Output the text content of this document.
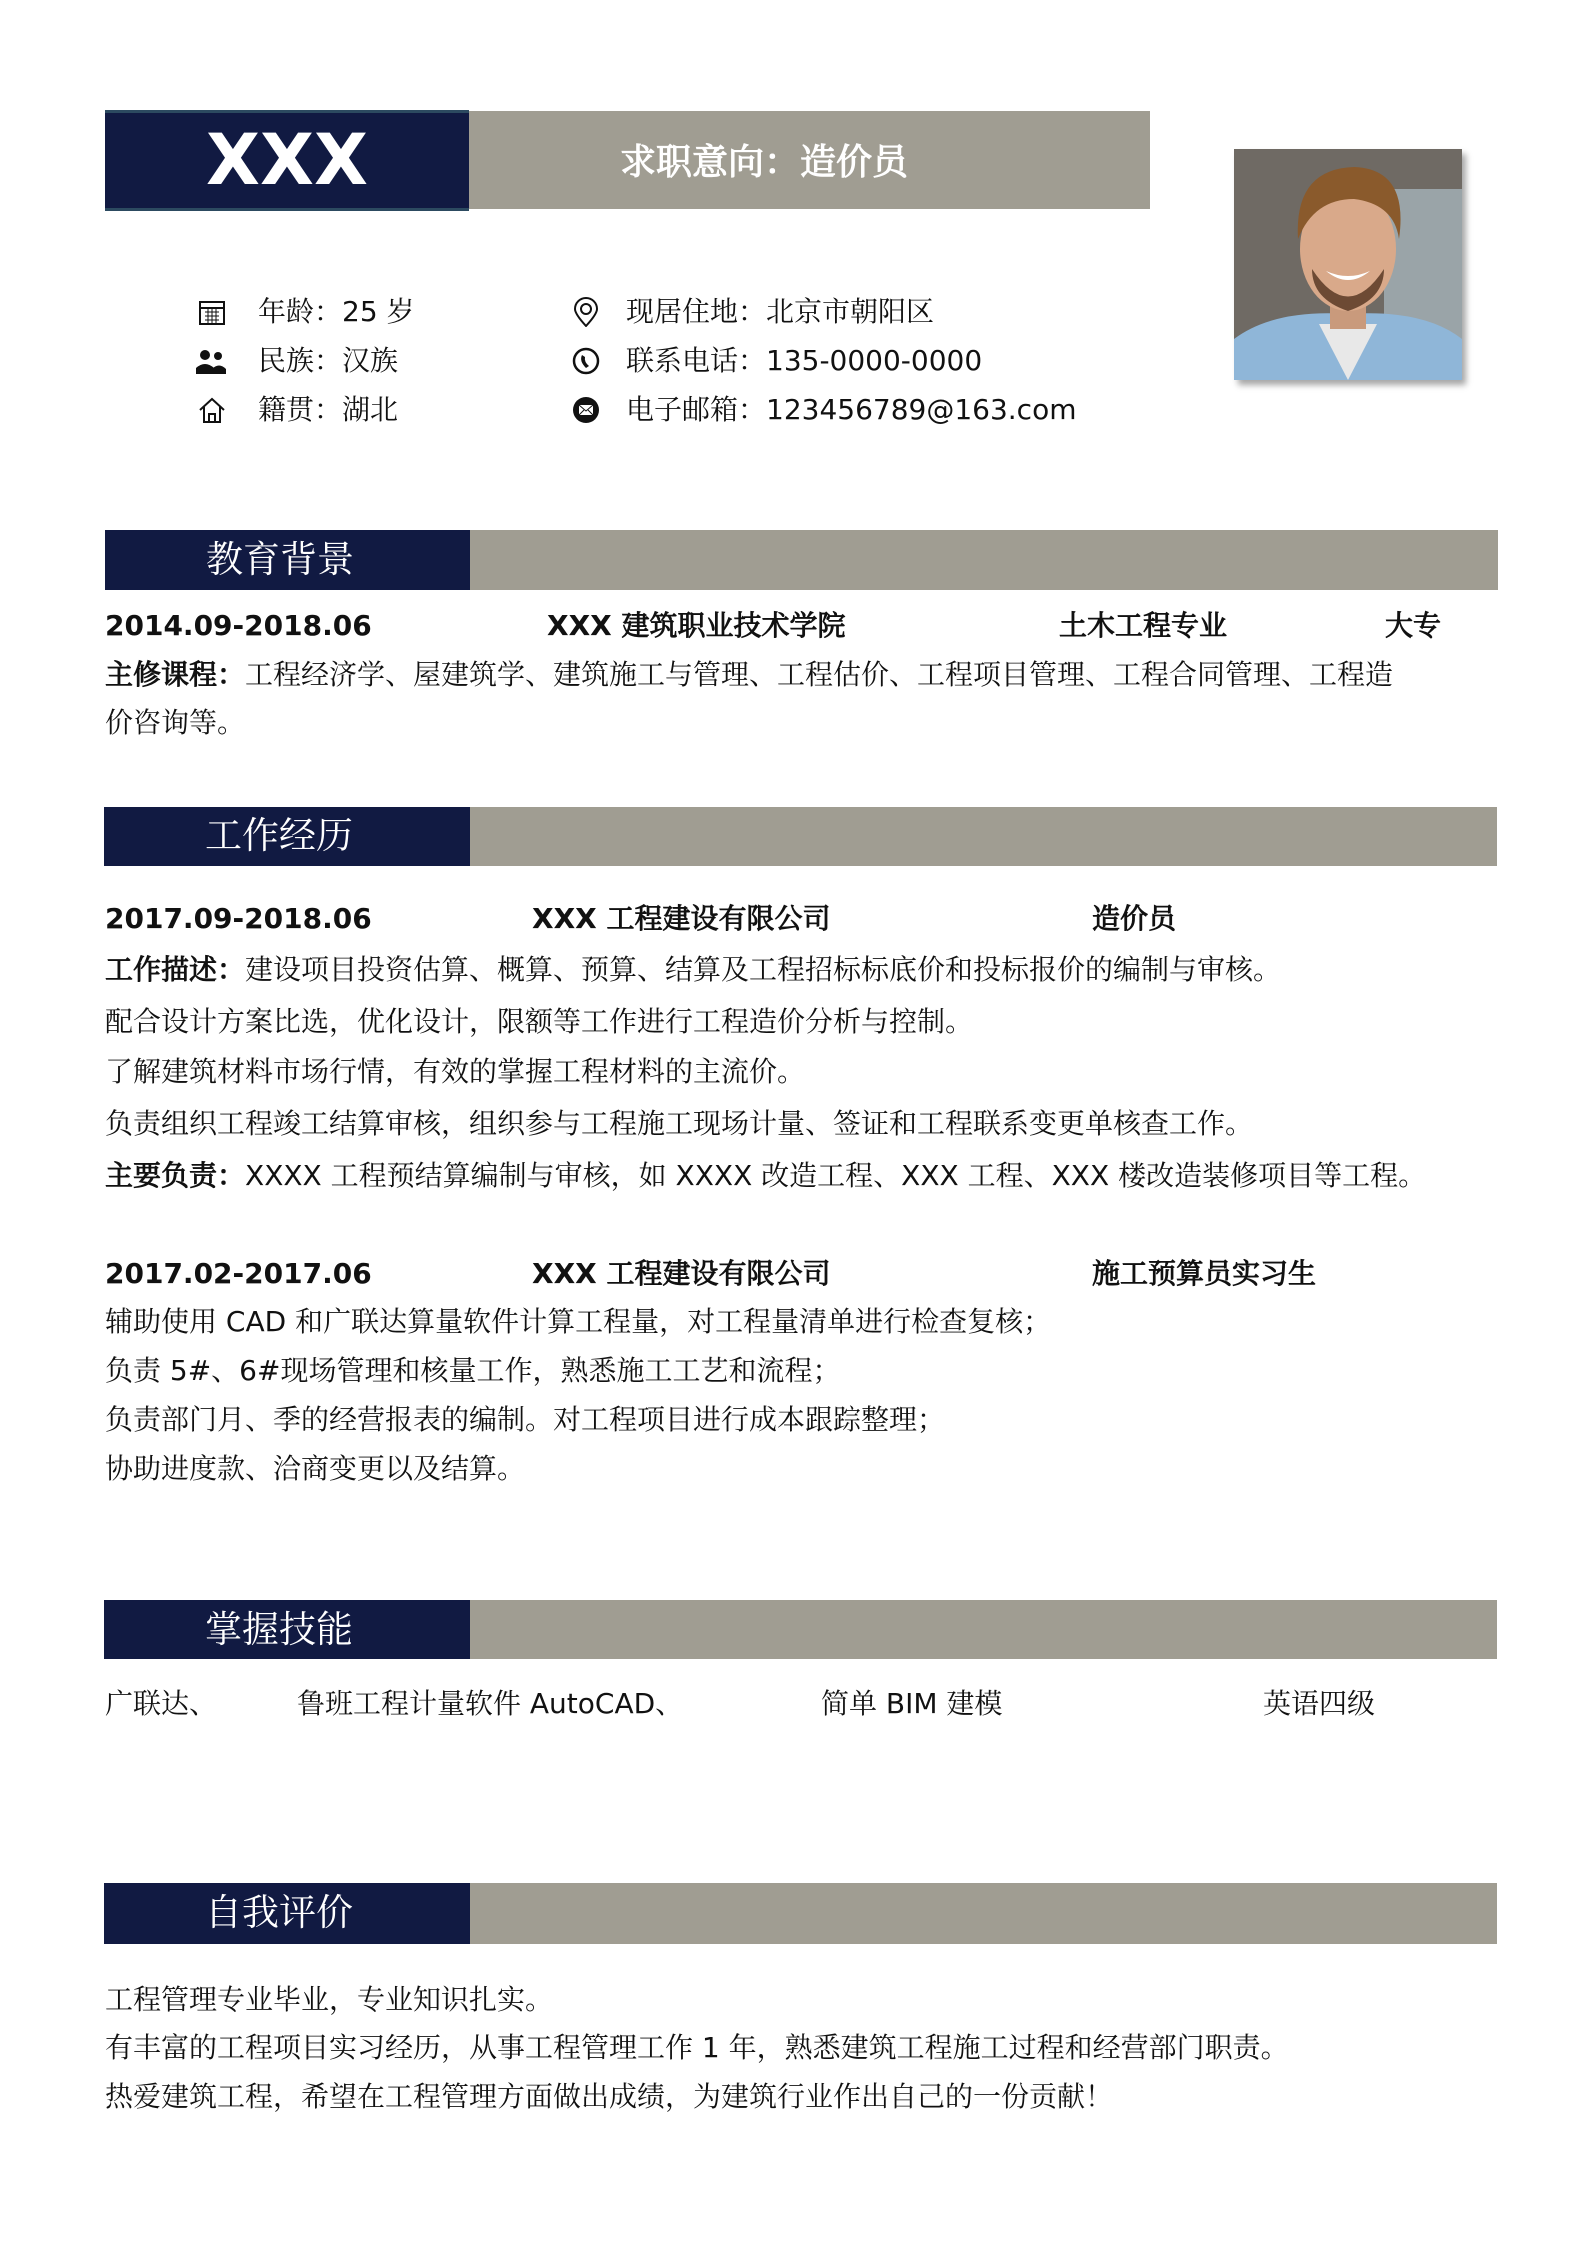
XXX	求职意向：造价员
年龄：25 岁
民族：汉族
籍贯：湖北
现居住地：北京市朝阳区
联系电话：135-0000-0000
电子邮箱：123456789@163.com
教育背景
2014.09-2018.06	XXX 建筑职业技术学院	土木工程专业	大专
主修课程：工程经济学、屋建筑学、建筑施工与管理、工程估价、工程项目管理、工程合同管理、工程造
价咨询等。
工作经历
2017.09-2018.06	XXX 工程建设有限公司	造价员
工作描述：建设项目投资估算、概算、预算、结算及工程招标标底价和投标报价的编制与审核。
配合设计方案比选，优化设计，限额等工作进行工程造价分析与控制。
了解建筑材料市场行情，有效的掌握工程材料的主流价。
负责组织工程竣工结算审核，组织参与工程施工现场计量、签证和工程联系变更单核查工作。
主要负责：XXXX 工程预结算编制与审核，如 XXXX 改造工程、XXX 工程、XXX 楼改造装修项目等工程。
2017.02-2017.06	XXX 工程建设有限公司	施工预算员实习生
辅助使用 CAD 和广联达算量软件计算工程量，对工程量清单进行检查复核；
负责 5#、6#现场管理和核量工作，熟悉施工工艺和流程；
负责部门月、季的经营报表的编制。对工程项目进行成本跟踪整理；
协助进度款、洽商变更以及结算。
掌握技能
广联达、	鲁班工程计量软件 AutoCAD、	简单 BIM 建模	英语四级
自我评价
工程管理专业毕业，专业知识扎实。
有丰富的工程项目实习经历，从事工程管理工作 1 年，熟悉建筑工程施工过程和经营部门职责。
热爱建筑工程，希望在工程管理方面做出成绩，为建筑行业作出自己的一份贡献！
